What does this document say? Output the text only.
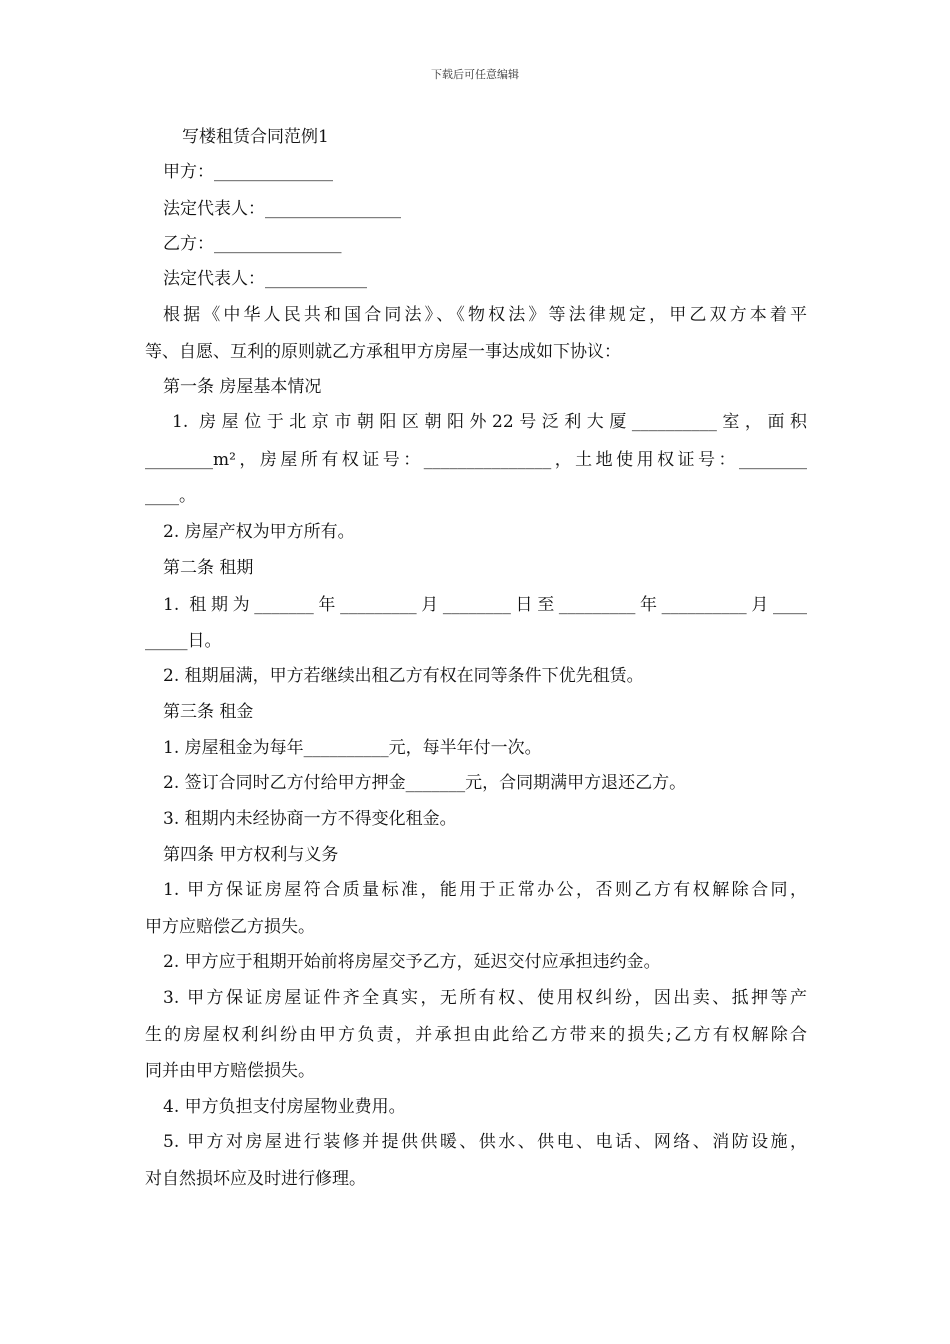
下载后可任意编辑
写楼租赁合同范例1
甲方：______________
法定代表人：________________
乙方：_______________
法定代表人：____________
根据《中华人民共和国合同法》、《物权法》等法律规定，甲乙双方本着平
等、自愿、互利的原则就乙方承租甲方房屋一事达成如下协议：
第一条 房屋基本情况
1. 房屋位于北京市朝阳区朝阳外22号泛利大厦__________室，面积
________m²，房屋所有权证号：_______________，土地使用权证号：________
____。
2. 房屋产权为甲方所有。
第二条 租期
1. 租期为_______年_________月________日至_________年__________月____
_____日。
2. 租期届满，甲方若继续出租乙方有权在同等条件下优先租赁。
第三条 租金
1. 房屋租金为每年__________元，每半年付一次。
2. 签订合同时乙方付给甲方押金_______元，合同期满甲方退还乙方。
3. 租期内未经协商一方不得变化租金。
第四条 甲方权利与义务
1. 甲方保证房屋符合质量标准，能用于正常办公，否则乙方有权解除合同，
甲方应赔偿乙方损失。
2. 甲方应于租期开始前将房屋交予乙方，延迟交付应承担违约金。
3. 甲方保证房屋证件齐全真实，无所有权、使用权纠纷，因出卖、抵押等产
生的房屋权利纠纷由甲方负责，并承担由此给乙方带来的损失;乙方有权解除合
同并由甲方赔偿损失。
4. 甲方负担支付房屋物业费用。
5. 甲方对房屋进行装修并提供供暖、供水、供电、电话、网络、消防设施，
对自然损坏应及时进行修理。
